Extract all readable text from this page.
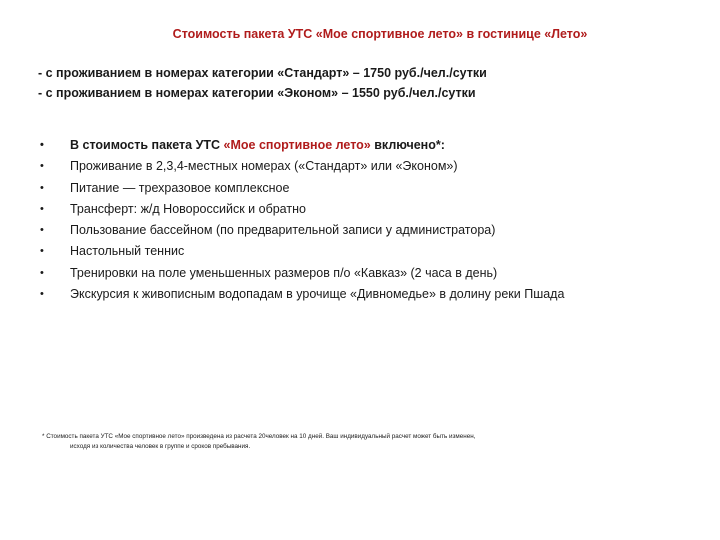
Стоимость пакета УТС «Мое спортивное лето» в гостинице «Лето»
- с проживанием в номерах категории «Стандарт» – 1750 руб./чел./сутки
- с проживанием в номерах категории «Эконом» – 1550 руб./чел./сутки
• В стоимость пакета УТС «Мое спортивное лето» включено*:
• Проживание в 2,3,4-местных номерах («Стандарт» или «Эконом»)
• Питание — трехразовое комплексное
• Трансферт: ж/д Новороссийск и обратно
• Пользование бассейном (по предварительной записи у администратора)
• Настольный теннис
• Тренировки на поле уменьшенных размеров п/о «Кавказ» (2 часа в день)
• Экскурсия к живописным водопадам в урочище «Дивномедье» в долину реки Пшада
* Стоимость пакета УТС «Мое спортивное лето» произведена из расчета 20человек на 10 дней. Ваш индивидуальный расчет может быть изменен,
исходя из количества человек в группе и сроков пребывания.
